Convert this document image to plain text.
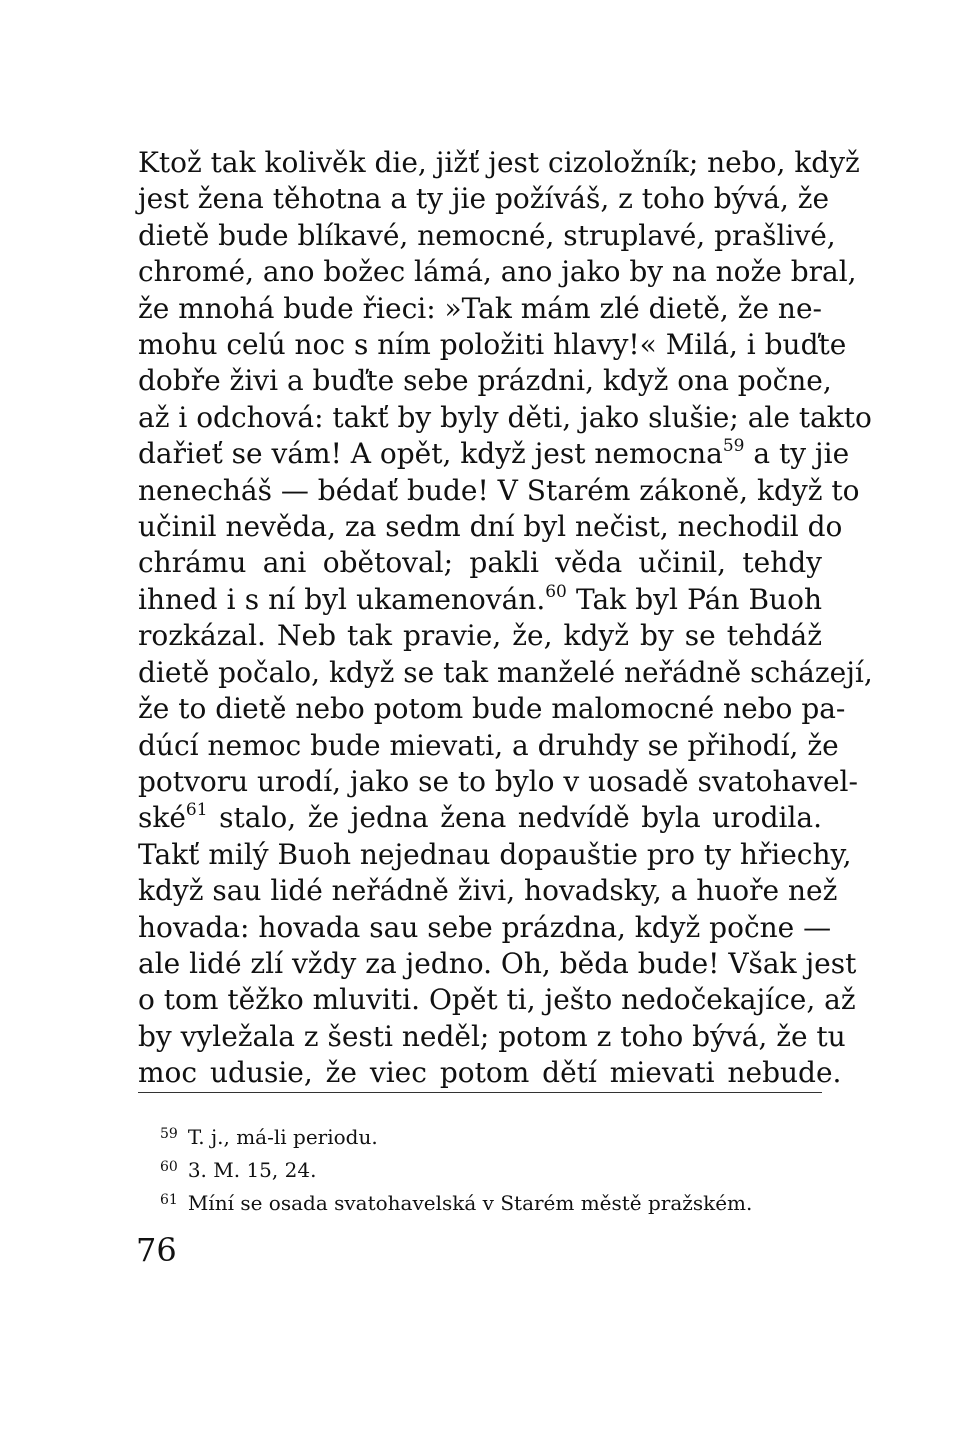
Ktož tak kolivěk die, jižť jest cizoložník; nebo, když
jest žena těhotna a ty jie požíváš, z toho bývá, že
dietě bude blíkavé, nemocné, struplavé, prašlivé,
chromé, ano božec lámá, ano jako by na nože bral,
že mnohá bude řieci: »Tak mám zlé dietě, že ne-
mohu celú noc s ním položiti hlavy!« Milá, i buďte
dobře živi a buďte sebe prázdni, když ona počne,
až i odchová: takť by byly děti, jako slušie; ale takto
dařieť se vám! A opět, když jest nemocna$^{59}$ a ty jie
nenecháš — bédať bude! V Starém zákoně, když to
učinil nevěda, za sedm dní byl nečist, nechodil do
chrámu ani obětoval; pakli věda učinil, tehdy
ihned i s ní byl ukamenován.$^{60}$ Tak byl Pán Buoh
rozkázal. Neb tak pravie, že, když by se tehdáž
dietě počalo, když se tak manželé neřádně scházejí,
že to dietě nebo potom bude malomocné nebo pa-
dúcí nemoc bude mievati, a druhdy se přihodí, že
potvoru urodí, jako se to bylo v uosadě svatohavel-
ské$^{61}$ stalo, že jedna žena nedvídě byla urodila.
Takť milý Buoh nejednau dopauštie pro ty hřiechy,
když sau lidé neřádně živi, hovadsky, a huoře než
hovada: hovada sau sebe prázdna, když počne —
ale lidé zlí vždy za jedno. Oh, běda bude! Však jest
o tom těžko mluviti. Opět ti, ješto nedočekajíce, až
by vyležala z šesti neděl; potom z toho bývá, že tu
moc udusie, že viec potom dětí mievati nebude.
$^{59}$ T. j., má-li periodu.
$^{60}$ 3. M. 15, 24.
$^{61}$ Míní se osada svatohavelská v Starém městě pražském.
76
